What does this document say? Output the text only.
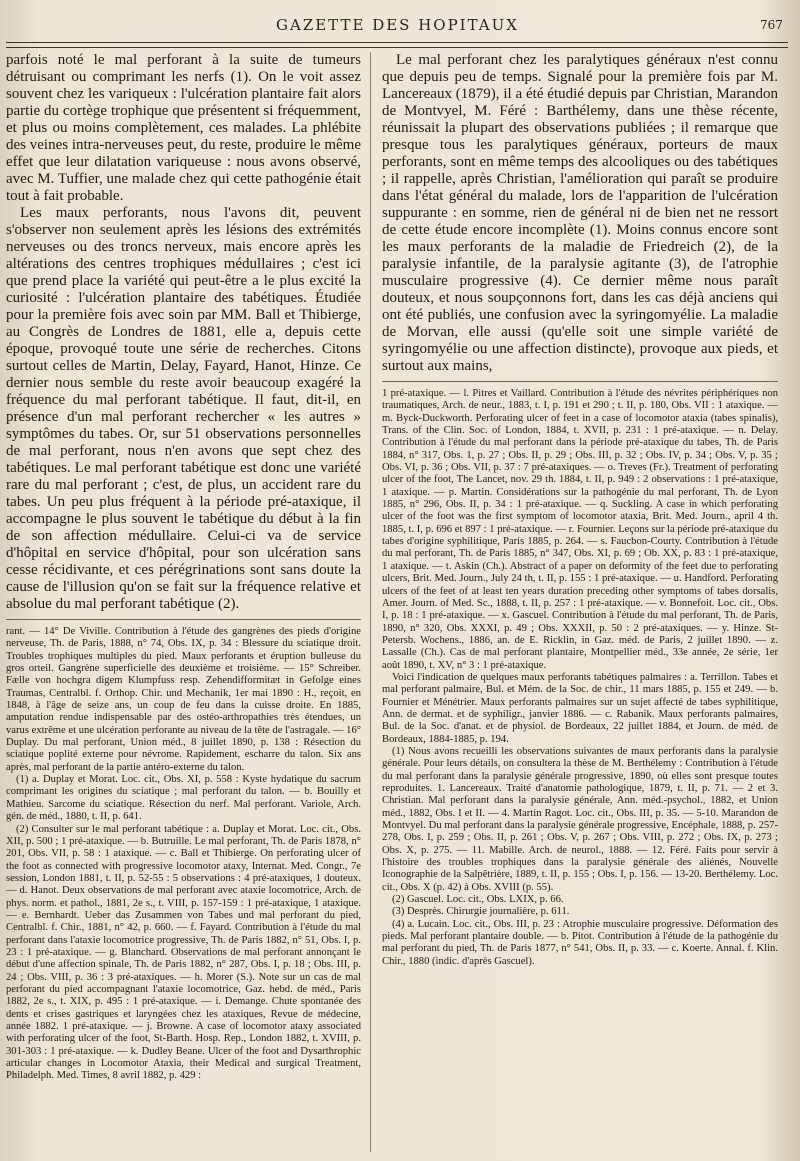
GAZETTE DES HOPITAUX	767

parfois noté le mal perforant à la suite de tumeurs détruisant ou comprimant les nerfs (1). On le voit assez souvent chez les variqueux : l'ulcération plantaire fait alors partie du cortège trophique que présentent si fréquemment, et plus ou moins complètement, ces malades. La phlébite des veines intra-nerveuses peut, du reste, produire le même effet que leur dilatation variqueuse : nous avons observé, avec M. Tuffier, une malade chez qui cette pathogénie était tout à fait probable.

Les maux perforants, nous l'avons dit, peuvent s'observer non seulement après les lésions des extrémités nerveuses ou des troncs nerveux, mais encore après les altérations des centres trophiques médullaires ; c'est ici que prend place la variété qui peut-être a le plus excité la curiosité : l'ulcération plantaire des tabétiques. Étudiée pour la première fois avec soin par MM. Ball et Thibierge, au Congrès de Londres de 1881, elle a, depuis cette époque, provoqué toute une série de recherches. Citons surtout celles de Martin, Delay, Fayard, Hanot, Hinze. Ce dernier nous semble du reste avoir beaucoup exagéré la fréquence du mal perforant tabétique. Il faut, dit-il, en présence d'un mal perforant rechercher « les autres » symptômes du tabes. Or, sur 51 observations personnelles de mal perforant, nous n'en avons que sept chez des tabétiques. Le mal perforant tabétique est donc une variété rare du mal perforant ; c'est, de plus, un accident rare du tabes. Un peu plus fréquent à la période pré-ataxique, il accompagne le plus souvent le tabétique du début à la fin de son affection médullaire. Celui-ci va de service d'hôpital en service d'hôpital, pour son ulcération sans cesse récidivante, et ces pérégrinations sont sans doute la cause de l'illusion qu'on se fait sur la fréquence relative et absolue du mal perforant tabétique (2).

rant. — 14° De Viville. Contribution à l'étude des gangrènes des pieds d'origine nerveuse, Th. de Paris, 1888, n° 74, Obs. IX, p. 34 : Blessure du sciatique droit. Troubles trophiques multiples du pied. Maux perforants et éruption bulleuse du gros orteil. Gangrène superficielle des deuxième et troisième. — 15° Schreiber. Fælle von hochgra digem Klumpfuss resp. Zehendifformitæt in Gefolge eines Traumas, Centralbl. f. Orthop. Chir. und Mechanik, 1er mai 1890 : H., reçoit, en 1848, à l'âge de seize ans, un coup de feu dans la cuisse droite. En 1885, amputation rendue indispensable par des ostéo-arthropathies très étendues, un varus extrême et une ulcération perforante au niveau de la tête de l'astragale. — 16° Duplay. Du mal perforant, Union méd., 8 juillet 1890, p. 138 : Résection du sciatique poplité externe pour névrome. Rapidement, escharre du talon. Six ans après, mal perforant de la partie antéro-externe du talon.

(1) a. Duplay et Morat. Loc. cit., Obs. XI, p. 558 : Kyste hydatique du sacrum comprimant les origines du sciatique ; mal perforant du talon. — b. Bouilly et Mathieu. Sarcome du sciatique. Résection du nerf. Mal perforant. Variole, Arch. gén. de méd., 1880, t. II, p. 641.

(2) Consulter sur le mal perforant tabétique : a. Duplay et Morat. Loc. cit., Obs. XII, p. 500 ; 1 pré-ataxique. — b. Butruille. Le mal perforant, Th. de Paris 1878, n° 201, Obs. VII, p. 58 : 1 ataxique. — c. Ball et Thibierge. On perforating ulcer of the foot as connected with progressive locomotor ataxy, Internat. Med. Congr., 7e session, London 1881, t. II, p. 52-55 : 5 observations : 4 pré-ataxiques, 1 douteux. — d. Hanot. Deux observations de mal perforant avec ataxie locomotrice, Arch. de phys. norm. et pathol., 1881, 2e s., t. VIII, p. 157-159 : 1 pré-ataxique, 1 ataxique. — e. Bernhardt. Ueber das Zusammen von Tabes und mal perforant du pied, Centralbl. f. Chir., 1881, n° 42, p. 660. — f. Fayard. Contribution à l'étude du mal perforant dans l'ataxie locomotrice progressive, Th. de Paris 1882, n° 51, Obs. I, p. 23 : 1 pré-ataxique. — g. Blanchard. Observations de mal perforant annonçant le début d'une affection spinale, Th. de Paris 1882, n° 287, Obs. I, p. 18 ; Obs. III, p. 24 ; Obs. VIII, p. 36 : 3 pré-ataxiques. — h. Morer (S.). Note sur un cas de mal perforant du pied accompagnant l'ataxie locomotrice, Gaz. hebd. de méd., Paris 1882, 2e s., t. XIX, p. 495 : 1 pré-ataxique. — i. Demange. Chute spontanée des dents et crises gastriques et laryngées chez les ataxiques, Revue de médecine, année 1882. 1 pré-ataxique. — j. Browne. A case of locomotor ataxy associated with perforating ulcer of the foot, St-Barth. Hosp. Rep., London 1882, t. XVIII, p. 301-303 : 1 pré-ataxique. — k. Dudley Beane. Ulcer of the foot and Dysarthrophic articular changes in Locomotor Ataxia, their Medical and surgical Treatment, Philadelph. Med. Times, 8 avril 1882, p. 429 :

Le mal perforant chez les paralytiques généraux n'est connu que depuis peu de temps. Signalé pour la première fois par M. Lancereaux (1879), il a été étudié depuis par Christian, Marandon de Montvyel, M. Féré : Barthélemy, dans une thèse récente, réunissait la plupart des observations publiées ; il remarque que presque tous les paralytiques généraux, porteurs de maux perforants, sont en même temps des alcooliques ou des tabétiques ; il rappelle, après Christian, l'amélioration qui paraît se produire dans l'état général du malade, lors de l'apparition de l'ulcération suppurante : en somme, rien de général ni de bien net ne ressort de cette étude encore incomplète (1). Moins connus encore sont les maux perforants de la maladie de Friedreich (2), de la paralysie infantile, de la paralysie agitante (3), de l'atrophie musculaire progressive (4). Ce dernier même nous paraît douteux, et nous soupçonnons fort, dans les cas déjà anciens qui ont été publiés, une confusion avec la syringomyélie. La maladie de Morvan, elle aussi (qu'elle soit une simple variété de syringomyélie ou une affection distincte), provoque aux pieds, et surtout aux mains,

1 pré-ataxique. — l. Pitres et Vaillard. Contribution à l'étude des névrites périphériques non traumatiques, Arch. de neur., 1883, t. I, p. 191 et 290 ; t. II, p. 180, Obs. VII : 1 ataxique. — m. Byck-Duckworth. Perforating ulcer of feet in a case of locomotor ataxia (tabes spinalis), Trans. of the Clin. Soc. of London, 1884, t. XVII, p. 231 : 1 pré-ataxique. — n. Delay. Contribution à l'étude du mal perforant dans la période pré-ataxique du tabes, Th. de Paris 1884, n° 317, Obs. 1, p. 27 ; Obs. II, p. 29 ; Obs. III, p. 32 ; Obs. IV, p. 34 ; Obs. V, p. 35 ; Obs. VI, p. 36 ; Obs. VII, p. 37 : 7 pré-ataxiques. — o. Treves (Fr.). Treatment of perforating ulcer of the foot, The Lancet, nov. 29 th. 1884, t. II, p. 949 : 2 observations : 1 pré-ataxique, 1 ataxique. — p. Martin. Considérations sur la pathogénie du mal perforant, Th. de Lyon 1885, n° 296, Obs. II, p. 34 : 1 pré-ataxique. — q. Suckling. A case in which perforating ulcer of the foot was the first symptom of locomotor ataxia, Brit. Med. Journ., april 4 th. 1885, t. I, p. 696 et 897 : 1 pré-ataxique. — r. Fournier. Leçons sur la période pré-ataxique du tabes d'origine syphilitique, Paris 1885, p. 264. — s. Faucbon-Courty. Contribution à l'étude du mal perforant, Th. de Paris 1885, n° 347, Obs. XI, p. 69 ; Ob. XX, p. 83 : 1 pré-ataxique, 1 ataxique. — t. Askin (Ch.). Abstract of a paper on deformity of the feet due to perforating ulcers, Brit. Med. Journ., July 24 th, t. II, p. 155 : 1 pré-ataxique. — u. Handford. Perforating ulcers of the feet of at least ten years duration preceding other symptoms of tabes dorsalis, Amer. Journ. of Med. Sc., 1888, t. II, p. 257 : 1 pré-ataxique. — v. Bonnefoit. Loc. cit., Obs. I, p. 18 : 1 pré-ataxique. — x. Gascuel. Contribution à l'étude du mal perforant, Th. de Paris, 1890, n° 320, Obs. XXXI, p. 49 ; Obs. XXXII, p. 50 : 2 pré-ataxiques. — y. Hinze. St-Petersb. Wochens., 1886, an. de E. Ricklin, in Gaz. méd. de Paris, 2 juillet 1890. — z. Lassalle (Ch.). Cas de mal perforant plantaire, Montpellier méd., 33e année, 2e série, 1er août 1890, t. XV, n° 3 : 1 pré-ataxique.

Voici l'indication de quelques maux perforants tabétiques palmaires : a. Terrillon. Tabes et mal perforant palmaire, Bul. et Mém. de la Soc. de chir., 11 mars 1885, p. 155 et 249. — b. Fournier et Ménétrier. Maux perforants palmaires sur un sujet affecté de tabes syphilitique, Ann. de dermat. et de syphiligr., janvier 1886. — c. Rabanik. Maux perforants palmaires, Bul. de la Soc. d'anat. et de physiol. de Bordeaux, 22 juillet 1884, et Journ. de méd. de Bordeaux, 1884-1885, p. 194.

(1) Nous avons recueilli les observations suivantes de maux perforants dans la paralysie générale. Pour leurs détails, on consultera la thèse de M. Berthélemy : Contribution à l'étude du mal perforant dans la paralysie générale progressive, 1890, où elles sont presque toutes reproduites. 1. Lancereaux. Traité d'anatomie pathologique, 1879, t. II, p. 71. — 2 et 3. Christian. Mal perforant dans la paralysie générale, Ann. méd.-psychol., 1882, et Union méd., 1882, Obs. I et II. — 4. Martin Ragot. Loc. cit., Obs. III, p. 35. — 5-10. Marandon de Montvyel. Du mal perforant dans la paralysie générale progressive, Encéphale, 1888, p. 257-278, Obs. I, p. 259 ; Obs. II, p. 261 ; Obs. V, p. 267 ; Obs. VIII, p. 272 ; Obs. IX, p. 273 ; Obs. X, p. 275. — 11. Mabille. Arch. de neurol., 1888. — 12. Féré. Faits pour servir à l'histoire des troubles trophiques dans la paralysie générale des aliénés, Nouvelle Iconographie de la Salpêtrière, 1889, t. II, p. 155 ; Obs. I, p. 156. — 13-20. Berthélemy. Loc. cit., Obs. X (p. 42) à Obs. XVIII (p. 55).

(2) Gascuel. Loc. cit., Obs. LXIX, p. 66.

(3) Desprès. Chirurgie journalière, p. 611.

(4) a. Lucain. Loc. cit., Obs. III, p. 23 : Atrophie musculaire progressive. Déformation des pieds. Mal perforant plantaire double. — b. Pitot. Contribution à l'étude de la pathogénie du mal perforant du pied, Th. de Paris 1877, n° 541, Obs. II, p. 33. — c. Koerte. Annal. f. Klin. Chir., 1880 (indic. d'après Gascuel).
